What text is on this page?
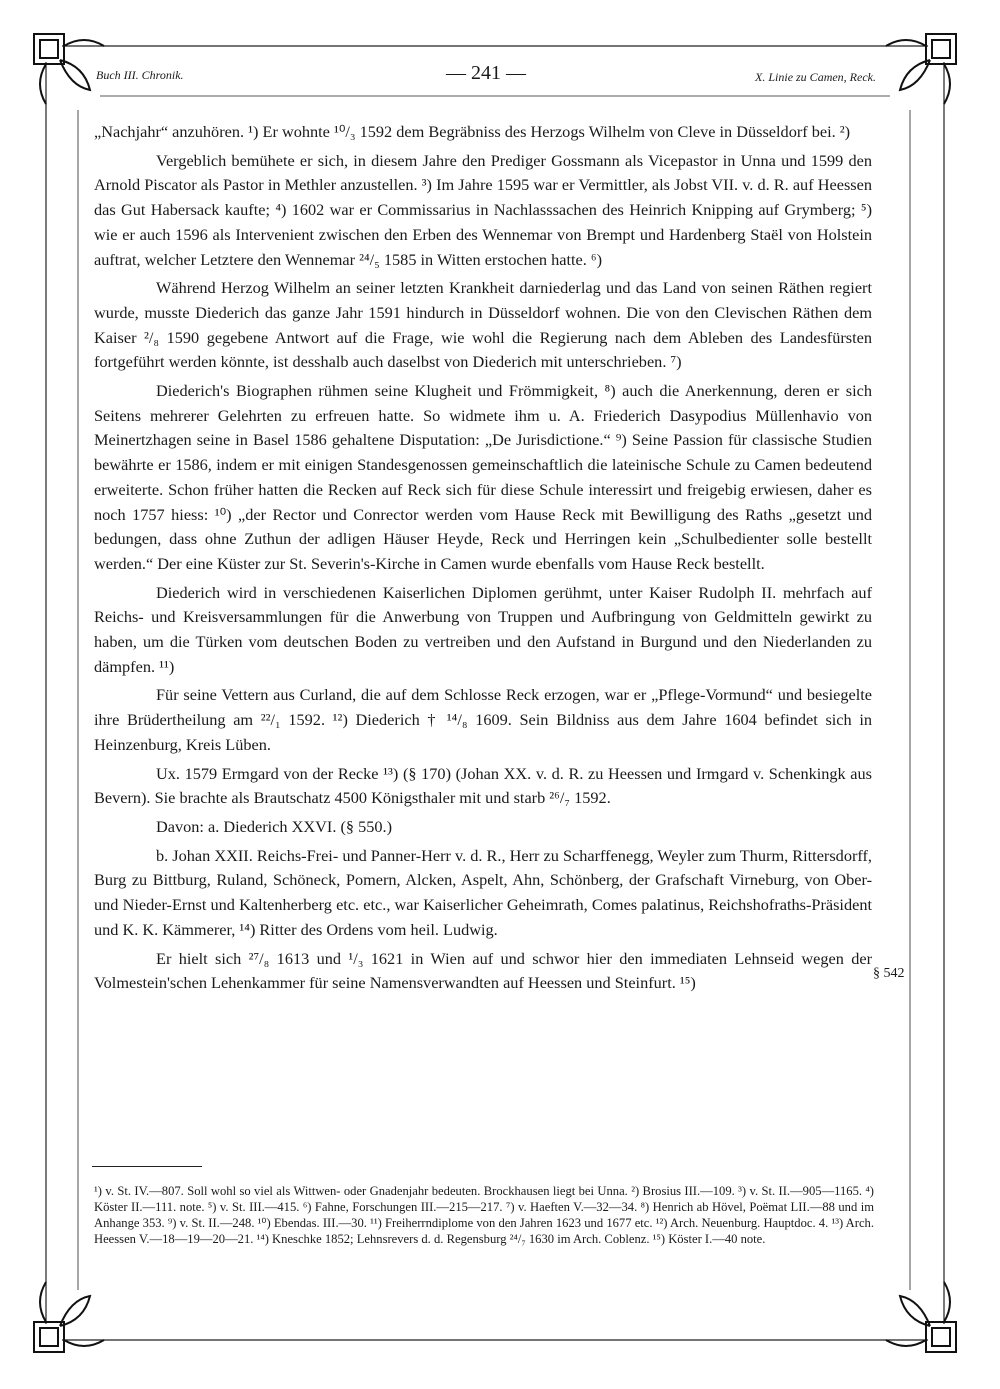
Buch III. Chronik.	— 241 —	X. Linie zu Camen, Reck.

„Nachjahr“ anzuhören. ¹) Er wohnte ¹⁰/₃ 1592 dem Begräbniss des Herzogs Wilhelm von Cleve in Düsseldorf bei. ²)

Vergeblich bemühete er sich, in diesem Jahre den Prediger Gossmann als Vicepastor in Unna und 1599 den Arnold Piscator als Pastor in Methler anzustellen. ³) Im Jahre 1595 war er Vermittler, als Jobst VII. v. d. R. auf Heessen das Gut Habersack kaufte; ⁴) 1602 war er Commissarius in Nachlasssachen des Heinrich Knipping auf Grymberg; ⁵) wie er auch 1596 als Intervenient zwischen den Erben des Wennemar von Brempt und Hardenberg Staël von Holstein auftrat, welcher Letztere den Wennemar ²⁴/₅ 1585 in Witten erstochen hatte. ⁶)

Während Herzog Wilhelm an seiner letzten Krankheit darniederlag und das Land von seinen Räthen regiert wurde, musste Diederich das ganze Jahr 1591 hindurch in Düsseldorf wohnen. Die von den Clevischen Räthen dem Kaiser ²/₈ 1590 gegebene Antwort auf die Frage, wie wohl die Regierung nach dem Ableben des Landesfürsten fortgeführt werden könnte, ist desshalb auch daselbst von Diederich mit unterschrieben. ⁷)

Diederich's Biographen rühmen seine Klugheit und Frömmigkeit, ⁸) auch die Anerkennung, deren er sich Seitens mehrerer Gelehrten zu erfreuen hatte. So widmete ihm u. A. Friederich Dasypodius Müllenhavio von Meinertzhagen seine in Basel 1586 gehaltene Disputation: „De Jurisdictione.“ ⁹) Seine Passion für classische Studien bewährte er 1586, indem er mit einigen Standesgenossen gemeinschaftlich die lateinische Schule zu Camen bedeutend erweiterte. Schon früher hatten die Recken auf Reck sich für diese Schule interessirt und freigebig erwiesen, daher es noch 1757 hiess: ¹⁰) „der Rector und Conrector werden vom Hause Reck mit Bewilligung des Raths „gesetzt und bedungen, dass ohne Zuthun der adligen Häuser Heyde, Reck und Herringen kein „Schulbedienter solle bestellt werden.“ Der eine Küster zur St. Severin's-Kirche in Camen wurde ebenfalls vom Hause Reck bestellt.

Diederich wird in verschiedenen Kaiserlichen Diplomen gerühmt, unter Kaiser Rudolph II. mehrfach auf Reichs- und Kreisversammlungen für die Anwerbung von Truppen und Aufbringung von Geldmitteln gewirkt zu haben, um die Türken vom deutschen Boden zu vertreiben und den Aufstand in Burgund und den Niederlanden zu dämpfen. ¹¹)

Für seine Vettern aus Curland, die auf dem Schlosse Reck erzogen, war er „Pflege-Vormund“ und besiegelte ihre Brüdertheilung am ²²/₁ 1592. ¹²) Diederich † ¹⁴/₈ 1609. Sein Bildniss aus dem Jahre 1604 befindet sich in Heinzenburg, Kreis Lüben.

Ux. 1579 Ermgard von der Recke ¹³) (§ 170) (Johan XX. v. d. R. zu Heessen und Irmgard v. Schenkingk aus Bevern). Sie brachte als Brautschatz 4500 Königsthaler mit und starb ²⁶/₇ 1592.

Davon: a. Diederich XXVI. (§ 550.)

b. Johan XXII. Reichs-Frei- und Panner-Herr v. d. R., Herr zu Scharffenegg, Weyler zum Thurm, Rittersdorff, Burg zu Bittburg, Ruland, Schöneck, Pomern, Alcken, Aspelt, Ahn, Schönberg, der Grafschaft Virneburg, von Ober- und Nieder-Ernst und Kaltenherberg etc. etc., war Kaiserlicher Geheimrath, Comes palatinus, Reichshofraths-Präsident und K. K. Kämmerer, ¹⁴) Ritter des Ordens vom heil. Ludwig.

Er hielt sich ²⁷/₈ 1613 und ¹/₃ 1621 in Wien auf und schwor hier den immediaten Lehnseid wegen der Volmestein'schen Lehenkammer für seine Namensverwandten auf Heessen und Steinfurt. ¹⁵)	§ 542

¹) v. St. IV.—807. Soll wohl so viel als Wittwen- oder Gnadenjahr bedeuten. Brockhausen liegt bei Unna. ²) Brosius III.—109. ³) v. St. II.—905—1165. ⁴) Köster II.—111. note. ⁵) v. St. III.—415. ⁶) Fahne, Forschungen III.—215—217. ⁷) v. Haeften V.—32—34. ⁸) Henrich ab Hövel, Poëmat LII.—88 und im Anhange 353. ⁹) v. St. II.—248. ¹⁰) Ebendas. III.—30. ¹¹) Freiherrndiplome von den Jahren 1623 und 1677 etc. ¹²) Arch. Neuenburg. Hauptdoc. 4. ¹³) Arch. Heessen V.—18—19—20—21. ¹⁴) Kneschke 1852; Lehnsrevers d. d. Regensburg ²⁴/₇ 1630 im Arch. Coblenz. ¹⁵) Köster I.—40 note.
